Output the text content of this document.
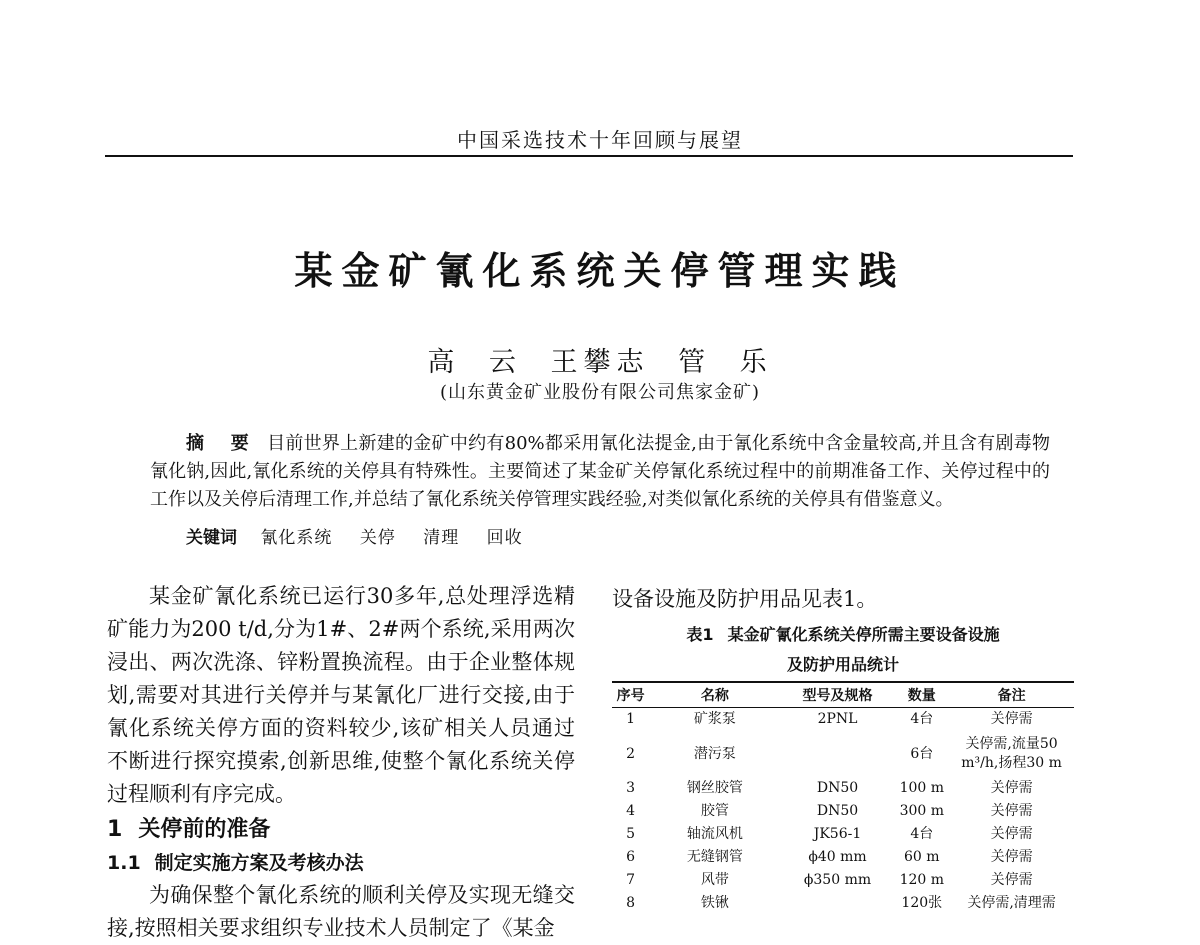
中国采选技术十年回顾与展望
某金矿氰化系统关停管理实践
高 云 王攀志 管 乐
(山东黄金矿业股份有限公司焦家金矿)

摘 要 目前世界上新建的金矿中约有80%都采用氰化法提金,由于氰化系统中含金量较高,并且含有剧毒物氰化钠,因此,氰化系统的关停具有特殊性。主要简述了某金矿关停氰化系统过程中的前期准备工作、关停过程中的工作以及关停后清理工作,并总结了氰化系统关停管理实践经验,对类似氰化系统的关停具有借鉴意义。

关键词 氰化系统 关停 清理 回收

某金矿氰化系统已运行30多年,总处理浮选精矿能力为200 t/d,分为1#、2#两个系统,采用两次浸出、两次洗涤、锌粉置换流程。由于企业整体规划,需要对其进行关停并与某氰化厂进行交接,由于氰化系统关停方面的资料较少,该矿相关人员通过不断进行探究摸索,创新思维,使整个氰化系统关停过程顺利有序完成。

1 关停前的准备
1.1 制定实施方案及考核办法

为确保整个氰化系统的顺利关停及实现无缝交接,按照相关要求组织专业技术人员制定了《某金

设备设施及防护用品见表1。
表1 某金矿氰化系统关停所需主要设备设施
及防护用品统计
序号	名称	型号及规格	数量	备注
1	矿浆泵	2PNL	4台	关停需
2	潜污泵		6台	关停需,流量50 m³/h,扬程30 m
3	钢丝胶管	DN50	100 m	关停需
4	胶管	DN50	300 m	关停需
5	轴流风机	JK56-1	4台	关停需
6	无缝钢管	ϕ40 mm	60 m	关停需
7	风带	ϕ350 mm	120 m	关停需
8	铁锹		120张	关停需,清理需
